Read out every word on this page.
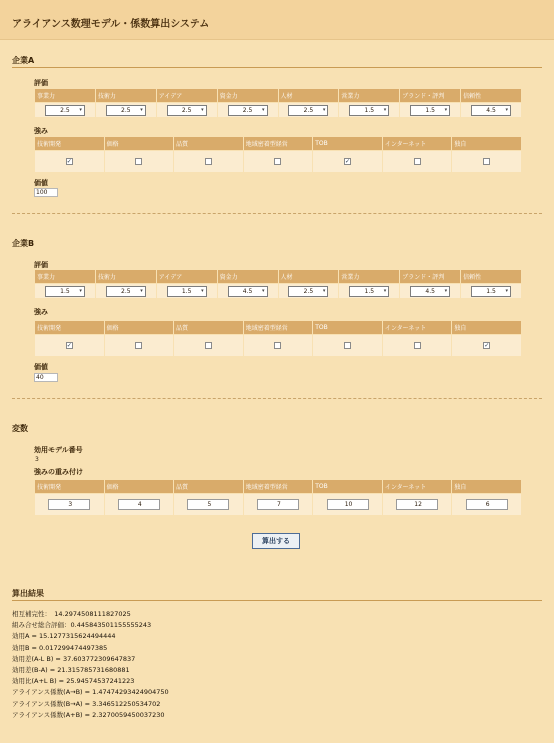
アライアンス数理モデル・係数算出システム
企業A
評価
事業力	技術力	アイデア	資金力	人材	営業力	ブランド・評判	信頼性
2.5 ▾	2.5 ▾	2.5 ▾	2.5 ▾	2.5 ▾	1.5 ▾	1.5 ▾	4.5 ▾
強み
技術開発	価格	品質	地域密着型経営	TOB	インターネット	独自
✓				✓		
価値
100
企業B
評価
事業力	技術力	アイデア	資金力	人材	営業力	ブランド・評判	信頼性
1.5 ▾	2.5 ▾	1.5 ▾	4.5 ▾	2.5 ▾	1.5 ▾	4.5 ▾	1.5 ▾
強み
技術開発	価格	品質	地域密着型経営	TOB	インターネット	独自
✓						✓
価値
40
変数
効用モデル番号
3
強みの重み付け
技術開発	価格	品質	地域密着型経営	TOB	インターネット	独自
3	4	5	7	10	12	6
算出する
算出結果
相互補完性：　14.2974508111827025
組み合せ総合評価：0.445843501155555243
効用A = 15.1277315624494444
効用B = 0.017299474497385
効用差(A-L B) = 37.603772309647837
効用差(B-A) = 21.315785731680881
効用比(A+L B) = 25.94574537241223
アライアンス係数(A→B) = 1.47474293424904750
アライアンス係数(B→A) = 3.346512250534702
アライアンス係数(A+B) = 2.3270059450037230
